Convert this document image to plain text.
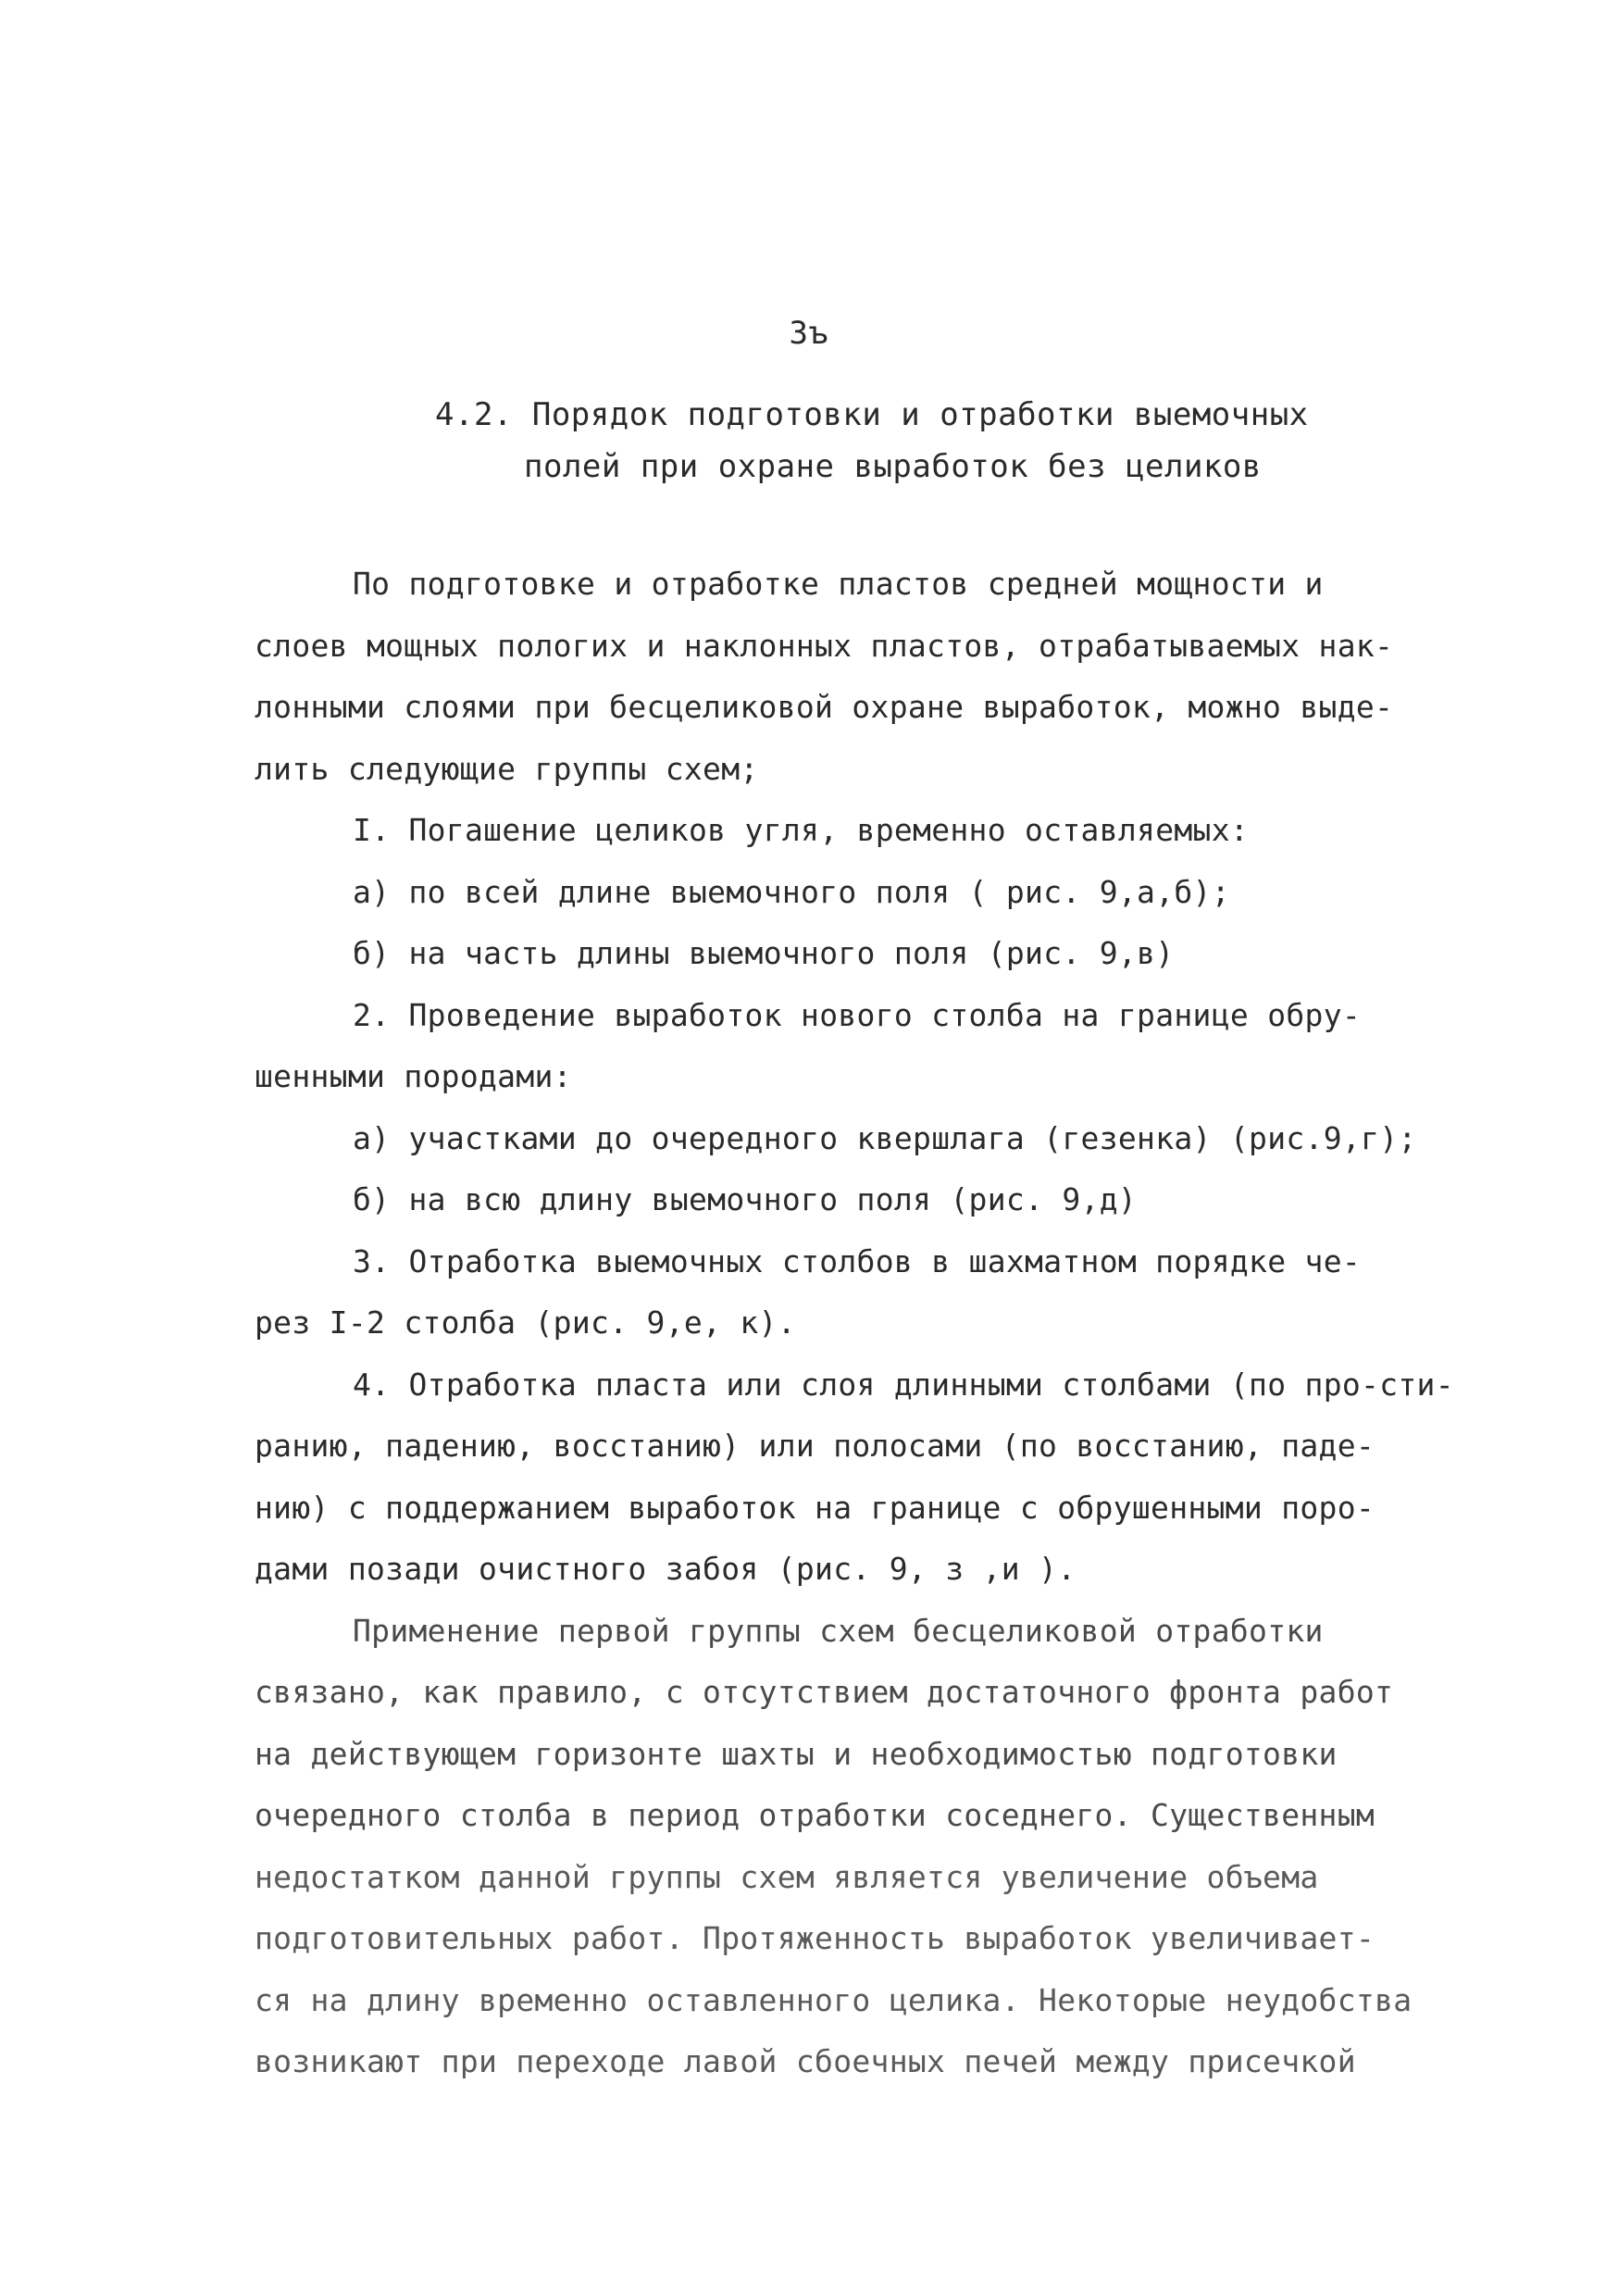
3ъ
4.2. Порядок подготовки и отработки выемочных
полей при охране выработок без целиков
По подготовке и отработке пластов средней мощности и
слоев мощных пологих и наклонных пластов, отрабатываемых нак-
лонными слоями при бесцеликовой охране выработок, можно выде-
лить следующие группы схем;
I. Погашение целиков угля, временно оставляемых:
а) по всей длине выемочного поля ( рис. 9,а,б);
б) на часть длины выемочного поля (рис. 9,в)
2. Проведение выработок нового столба на границе обру-
шенными породами:
а) участками до очередного квершлага (гезенка) (рис.9,г);
б) на всю длину выемочного поля (рис. 9,д)
3. Отработка выемочных столбов в шахматном порядке че-
рез I-2 столба (рис. 9,е, к).
4. Отработка пласта или слоя длинными столбами (по про-сти-
ранию, падению, восстанию) или полосами (по восстанию, паде-
нию) с поддержанием выработок на границе с обрушенными поро-
дами позади очистного забоя (рис. 9, з ,и ).
Применение первой группы схем бесцеликовой отработки
связано, как правило, с отсутствием достаточного фронта работ
на действующем горизонте шахты и необходимостью подготовки
очередного столба в период отработки соседнего. Существенным
недостатком данной группы схем является увеличение объема
подготовительных работ. Протяженность выработок увеличивает-
ся на длину временно оставленного целика. Некоторые неудобства
возникают при переходе лавой сбоечных печей между присечкой
